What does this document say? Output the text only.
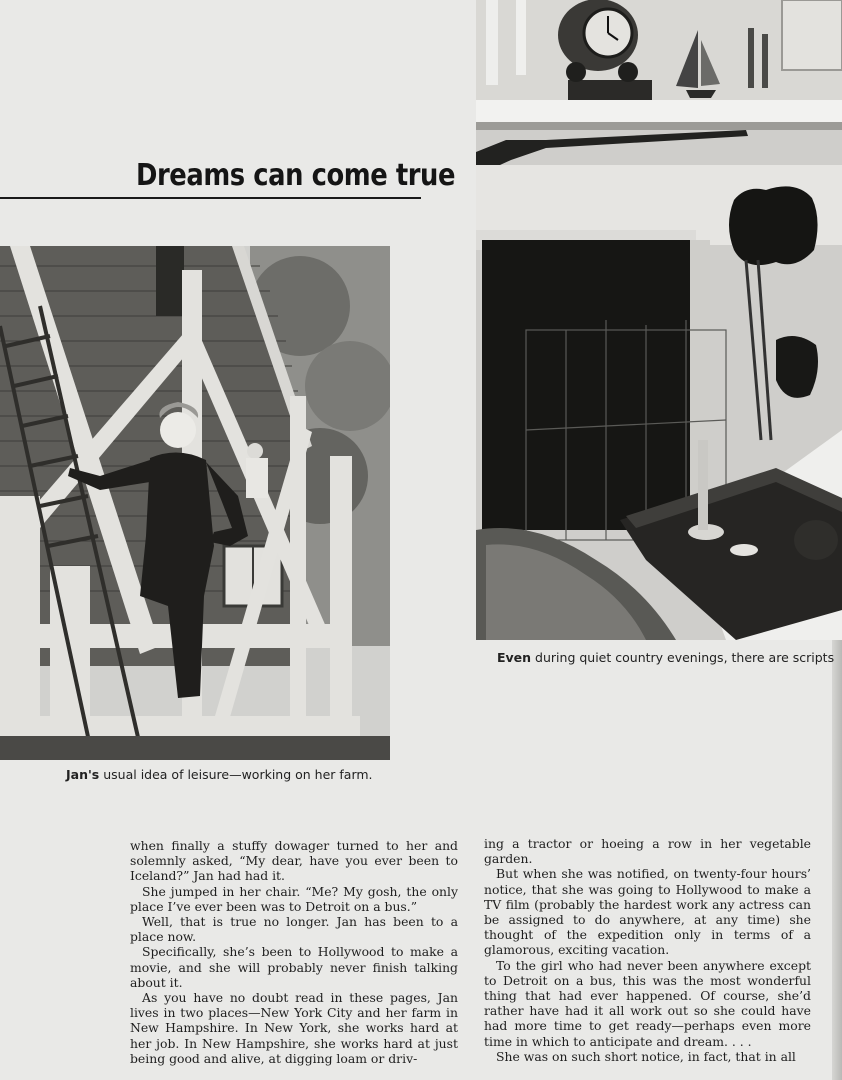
Dreams can come true
Jan's usual idea of leisure—working on her farm.
Even during quiet country evenings, there are scripts

when finally a stuffy dowager turned to her and solemnly asked, “My dear, have you ever been to Iceland?” Jan had had it.

She jumped in her chair. “Me? My gosh, the only place I’ve ever been was to Detroit on a bus.”

Well, that is true no longer. Jan has been to a place now.

Specifically, she’s been to Hollywood to make a movie, and she will probably never finish talking about it.

As you have no doubt read in these pages, Jan lives in two places—New York City and her farm in New Hampshire. In New York, she works hard at her job. In New Hampshire, she works hard at just being good and alive, at digging loam or driv-

ing a tractor or hoeing a row in her vegetable garden.

But when she was notified, on twenty-four hours’ notice, that she was going to Hollywood to make a TV film (probably the hardest work any actress can be assigned to do anywhere, at any time) she thought of the expedition only in terms of a glamorous, exciting vacation.

To the girl who had never been anywhere except to Detroit on a bus, this was the most wonderful thing that had ever happened. Of course, she’d rather have had it all work out so she could have had more time to get ready—perhaps even more time in which to anticipate and dream. . . .

She was on such short notice, in fact, that in all
